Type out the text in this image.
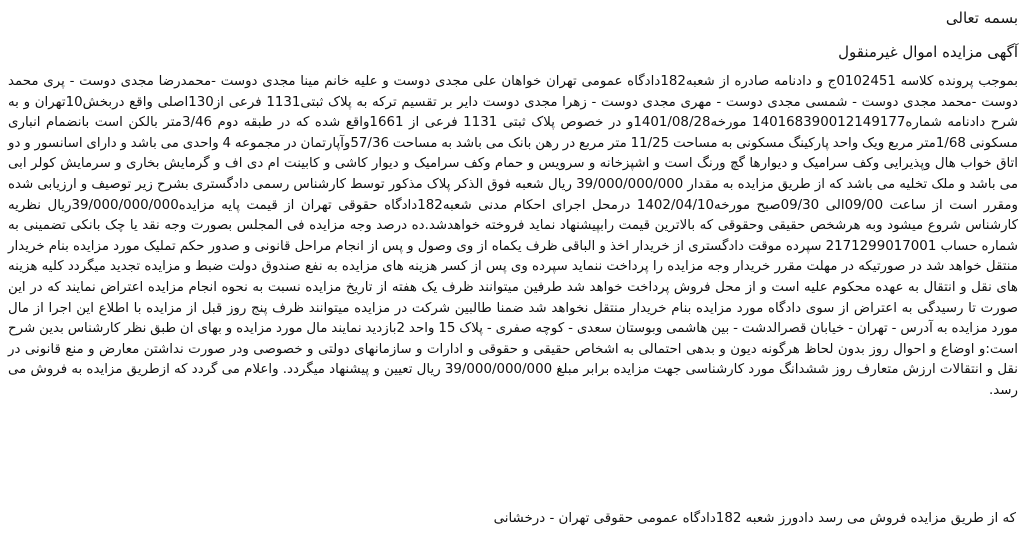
بسمه تعالی
آگهی مزایده اموال غیرمنقول
بموجب پرونده کلاسه 0102451ج و دادنامه صادره از شعبه182دادگاه عمومی تهران خواهان علی مجدی دوست و علیه خانم مینا مجدی دوست -محمدرضا مجدی دوست - پری محمد دوست -محمد مجدی دوست - شمسی مجدی دوست - مهری مجدی دوست - زهرا مجدی دوست دایر بر تقسیم ترکه به پلاک ثبتی1131 فرعی از130اصلی واقع دربخش10تهران و به شرح دادنامه شماره140168390012149177 مورخه1401/08/28و در خصوص پلاک ثبتی 1131 فرعی از 1661واقع شده که در طبقه دوم 3/46متر بالکن است بانضمام انباری مسکونی 1/68متر مربع ویک واحد پارکینگ مسکونی به مساحت 11/25 متر مربع در رهن بانک می باشد به مساحت 57/36وآپارتمان در مجموعه 4 واحدی می باشد و دارای اسانسور و دو اتاق خواب هال وپذیرایی وکف سرامیک و دیوارها گچ ورنگ است و اشپزخانه و سرویس و حمام وکف سرامیک و دیوار کاشی و کابینت ام دی اف و گرمایش بخاری و سرمایش کولر ابی می باشد و ملک تخلیه می باشد که از طریق مزایده به مقدار 39/000/000/000 ریال شعبه فوق الذکر پلاک مذکور توسط کارشناس رسمی دادگستری بشرح زیر توصیف و ارزیابی شده ومقرر است از ساعت 09/00الی 09/30صبح مورخه1402/04/10 درمحل اجرای احکام مدنی شعبه182دادگاه حقوقی تهران از قیمت پایه مزایده39/000/000/000ریال نظریه کارشناس شروع میشود وبه هرشخص حقیقی وحقوقی که بالاترین قیمت رابپیشنهاد نماید فروخته خواهدشد.ده درصد وجه مزایده فی المجلس بصورت وجه نقد یا چک بانکی تضمینی به شماره حساب 2171299017001 سپرده موقت دادگستری از خریدار اخذ و الباقی ظرف یکماه از وی وصول و پس از انجام مراحل قانونی و صدور حکم تملیک مورد مزایده بنام خریدار منتقل خواهد شد در صورتیکه در مهلت مقرر خریدار وجه مزایده را پرداخت ننماید سپرده وی پس از کسر هزینه های مزایده به نفع صندوق دولت ضبط و مزایده تجدید میگردد کلیه هزینه های نقل و انتقال به عهده محکوم علیه است و از محل فروش پرداخت خواهد شد طرفین میتوانند ظرف یک هفته از تاریخ مزایده نسبت به نحوه انجام مزایده اعتراض نمایند که در این صورت تا رسیدگی به اعتراض از سوی دادگاه مورد مزایده بنام خریدار منتقل نخواهد شد ضمنا طالبین شرکت در مزایده میتوانند ظرف پنج روز قبل از مزایده با اطلاع این اجرا از مال مورد مزایده به آدرس - تهران - خیابان قصرالدشت - بین هاشمی وبوستان سعدی - کوچه صفری - پلاک 15 واحد 2بازدید نمایند مال مورد مزایده و بهای ان طبق نظر کارشناس بدین شرح است:و اوضاع و احوال روز بدون لحاظ هرگونه دیون و بدهی احتمالی به اشخاص حقیقی و حقوقی و ادارات و سازمانهای دولتی و خصوصی ودر صورت نداشتن معارض و منع قانونی در نقل و انتقالات ارزش متعارف روز ششدانگ مورد کارشناسی جهت مزایده برابر مبلغ 39/000/000/000 ریال تعیین و پیشنهاد میگردد. واعلام می گردد که ازطریق مزایده به فروش می رسد.
که از طریق مزایده فروش می رسد دادورز شعبه 182دادگاه عمومی حقوقی تهران - درخشانی
